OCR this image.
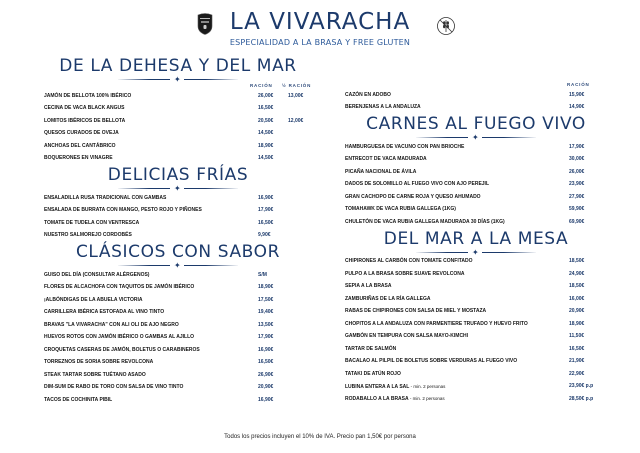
LA VIVARACHA
ESPECIALIDAD A LA BRASA Y FREE GLUTEN
DE LA DEHESA Y DEL MAR
✦
RACIÓN ½ RACIÓN
JAMÓN DE BELLOTA 100% IBÉRICO	26,00€	13,00€
CECINA DE VACA BLACK ANGUS	16,50€
LOMITOS IBÉRICOS DE BELLOTA	20,50€	12,00€
QUESOS CURADOS DE OVEJA	14,50€
ANCHOAS DEL CANTÁBRICO	18,90€
BOQUERONES EN VINAGRE	14,50€
DELICIAS FRÍAS
✦
ENSALADILLA RUSA TRADICIONAL CON GAMBAS	16,90€
ENSALADA DE BURRATA CON MANGO, PESTO ROJO Y PIÑONES	17,90€
TOMATE DE TUDELA CON VENTRESCA	16,50€
NUESTRO SALMOREJO CORDOBÉS	9,90€
CLÁSICOS CON SABOR
✦
GUISO DEL DÍA (CONSULTAR ALÉRGENOS)	S/M
FLORES DE ALCACHOFA CON TAQUITOS DE JAMÓN IBÉRICO	18,90€
¡ALBÓNDIGAS DE LA ABUELA VICTORIA	17,50€
CARRILLERA IBÉRICA ESTOFADA AL VINO TINTO	19,40€
BRAVAS "LA VIVARACHA" CON ALI OLI DE AJO NEGRO	13,50€
HUEVOS ROTOS CON JAMÓN IBÉRICO O GAMBAS AL AJILLO	17,90€
CROQUETAS CASERAS DE JAMÓN, BOLETUS O CARABINEROS	16,90€
TORREZNOS DE SORIA SOBRE REVOLCONA	16,50€
STEAK TARTAR SOBRE TUÉTANO ASADO	26,90€
DIM-SUM DE RABO DE TORO CON SALSA DE VINO TINTO	20,90€
TACOS DE COCHINITA PIBIL	16,90€
RACIÓN
CAZÓN EN ADOBO	15,90€
BERENJENAS A LA ANDALUZA	14,90€
CARNES AL FUEGO VIVO
✦
HAMBURGUESA DE VACUNO CON PAN BRIOCHE	17,90€
ENTRECOT DE VACA MADURADA	30,00€
PICAÑA NACIONAL DE ÁVILA	26,00€
DADOS DE SOLOMILLO AL FUEGO VIVO CON AJO PEREJIL	23,90€
GRAN CACHOPO DE CARNE ROJA Y QUESO AHUMADO	27,90€
TOMAHAWK DE VACA RUBIA GALLEGA (1KG)	59,90€
CHULETÓN DE VACA RUBIA GALLEGA MADURADA 30 DÍAS (1KG)	69,90€
DEL MAR A LA MESA
✦
CHIPIRONES AL CARBÓN CON TOMATE CONFITADO	18,50€
PULPO A LA BRASA SOBRE SUAVE REVOLCONA	24,90€
SEPIA A LA BRASA	18,50€
ZAMBURIÑAS DE LA RÍA GALLEGA	16,00€
RABAS DE CHIPIRONES CON SALSA DE MIEL Y MOSTAZA	20,90€
CHOPITOS A LA ANDALUZA CON PARMENTIERE TRUFADO Y HUEVO FRITO	18,90€
GAMBÓN EN TEMPURA CON SALSA MAYO-KIMCHI	11,50€
TARTAR DE SALMÓN	16,50€
BACALAO AL PILPIL DE BOLETUS SOBRE VERDURAS AL FUEGO VIVO	21,90€
TATAKI DE ATÚN ROJO	22,90€
LUBINA ENTERA A LA SAL - min. 2 personas	23,90€ p.p
RODABALLO A LA BRASA - min. 2 personas	28,50€ p.p
Todos los precios incluyen el 10% de IVA. Precio pan 1,50€ por persona
